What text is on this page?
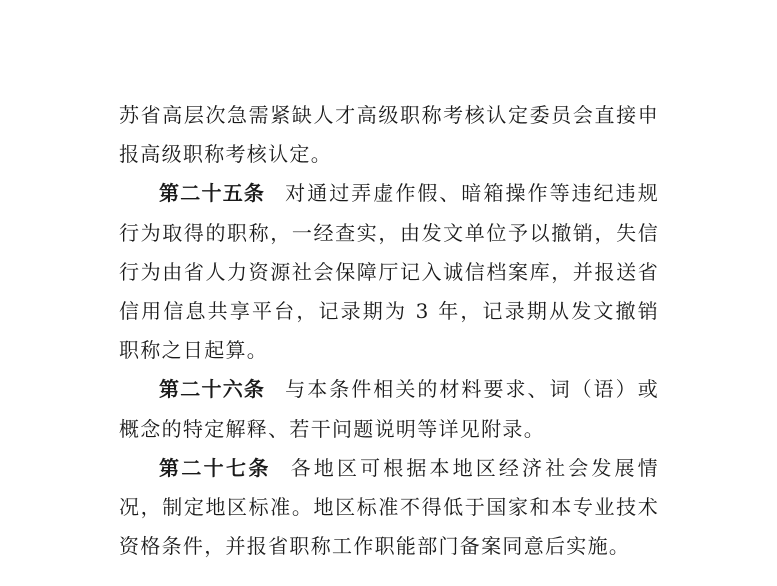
苏省高层次急需紧缺人才高级职称考核认定委员会直接申报高级职称考核认定。

第二十五条 对通过弄虚作假、暗箱操作等违纪违规行为取得的职称，一经查实，由发文单位予以撤销，失信行为由省人力资源社会保障厅记入诚信档案库，并报送省信用信息共享平台，记录期为 3 年，记录期从发文撤销职称之日起算。

第二十六条 与本条件相关的材料要求、词（语）或概念的特定解释、若干问题说明等详见附录。

第二十七条 各地区可根据本地区经济社会发展情况，制定地区标准。地区标准不得低于国家和本专业技术资格条件，并报省职称工作职能部门备案同意后实施。
